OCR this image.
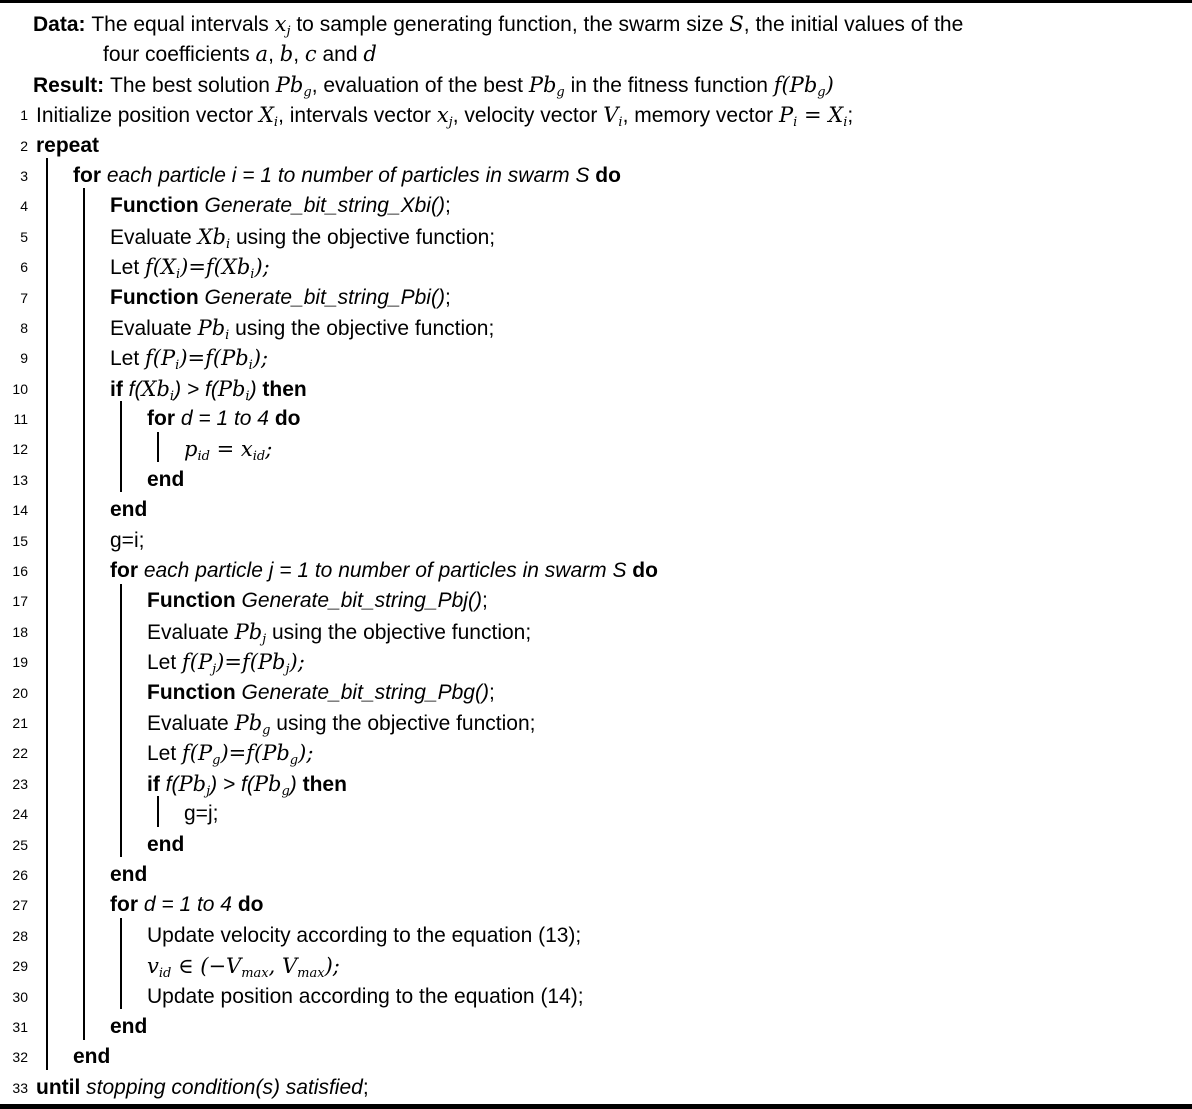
Data: The equal intervals $x_j$ to sample generating function, the swarm size S, the initial values of the
four coefficients a, b, c and d
Result: The best solution $Pb_g$, evaluation of the best $Pb_g$ in the fitness function $f(Pb_g)$
1 Initialize position vector $X_i$, intervals vector $x_j$, velocity vector $V_i$, memory vector $P_i = X_i$;
2 repeat
3	for each particle i = 1 to number of particles in swarm S do
4	Function Generate_bit_string_Xbi();
5	Evaluate $Xb_i$ using the objective function;
6	Let $f(X_i)=f(Xb_i)$;
7	Function Generate_bit_string_Pbi();
8	Evaluate $Pb_i$ using the objective function;
9	Let $f(P_i)=f(Pb_i)$;
10	if $f(Xb_i) > f(Pb_i)$ then
11	for d = 1 to 4 do
12	$p_{id} = x_{id}$;
13	end
14	end
15	g=i;
16	for each particle j = 1 to number of particles in swarm S do
17	Function Generate_bit_string_Pbj();
18	Evaluate $Pb_j$ using the objective function;
19	Let $f(P_j)=f(Pb_j)$;
20	Function Generate_bit_string_Pbg();
21	Evaluate $Pb_g$ using the objective function;
22	Let $f(P_g)=f(Pb_g)$;
23	if $f(Pb_j) > f(Pb_g)$ then
24	g=j;
25	end
26	end
27	for d = 1 to 4 do
28	Update velocity according to the equation (13);
29	$v_{id}$ ∈ ($-V_{max}$, $V_{max}$);
30	Update position according to the equation (14);
31	end
32	end
33 until stopping condition(s) satisfied;
